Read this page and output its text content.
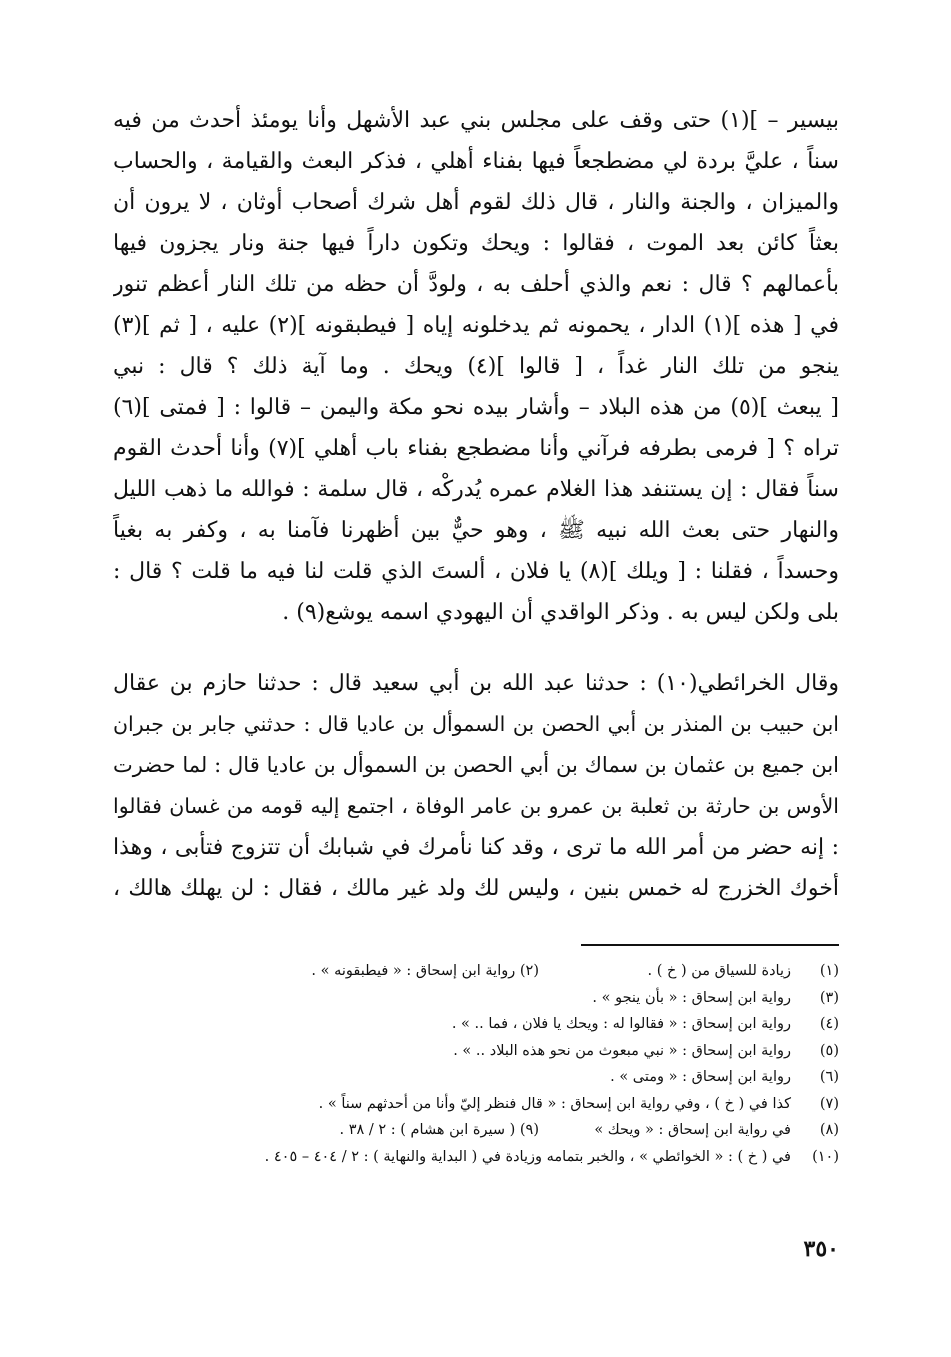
بيسير – ](١) حتى وقف على مجلس بني عبد الأشهل وأنا يومئذ أحدث من فيه
سناً ، عليَّ بردة لي مضطجعاً فيها بفناء أهلي ، فذكر البعث والقيامة ، والحساب
والميزان ، والجنة والنار ، قال ذلك لقوم أهل شرك أصحاب أوثان ، لا يرون أن
بعثاً كائن بعد الموت ، فقالوا : ويحك وتكون داراً فيها جنة ونار يجزون فيها
بأعمالهم ؟ قال : نعم والذي أحلف به ، ولودَّ أن حظه من تلك النار أعظم تنور
في [ هذه ](١) الدار ، يحمونه ثم يدخلونه إياه [ فيطبقونه ](٢) عليه ، [ ثم ](٣)
ينجو من تلك النار غداً ، [ قالوا ](٤) ويحك . وما آية ذلك ؟ قال : نبي
[ يبعث ](٥) من هذه البلاد – وأشار بيده نحو مكة واليمن – قالوا : [ فمتى ](٦)
تراه ؟ [ فرمى بطرفه فرآني وأنا مضطجع بفناء باب أهلي ](٧) وأنا أحدث القوم
سناً فقال : إن يستنفد هذا الغلام عمره يُدركْه ، قال سلمة : فوالله ما ذهب الليل
والنهار حتى بعث الله نبيه ﷺ ، وهو حيٌّ بين أظهرنا فآمنا به ، وكفر به بغياً
وحسداً ، فقلنا : [ ويلك ](٨) يا فلان ، ألستَ الذي قلت لنا فيه ما قلت ؟ قال :
بلى ولكن ليس به . وذكر الواقدي أن اليهودي اسمه يوشع(٩) .
وقال الخرائطي(١٠) : حدثنا عبد الله بن أبي سعيد قال : حدثنا حازم بن عقال
ابن حبيب بن المنذر بن أبي الحصن بن السموأل بن عاديا قال : حدثني جابر بن جبران
ابن جميع بن عثمان بن سماك بن أبي الحصن بن السموأل بن عاديا قال : لما حضرت
الأوس بن حارثة بن ثعلبة بن عمرو بن عامر الوفاة ، اجتمع إليه قومه من غسان فقالوا
: إنه حضر من أمر الله ما ترى ، وقد كنا نأمرك في شبابك أن تتزوج فتأبى ، وهذا
أخوك الخزرج له خمس بنين ، وليس لك ولد غير مالك ، فقال : لن يهلك هالك ،
(١)زيادة للسياق من ( خ ) .
(٢) رواية ابن إسحاق : « فيطبقونه » .
(٣)رواية ابن إسحاق : « بأن ينجو » .
(٤)رواية ابن إسحاق : « فقالوا له : ويحك يا فلان ، فما .. » .
(٥)رواية ابن إسحاق : « نبي مبعوث من نحو هذه البلاد .. » .
(٦)رواية ابن إسحاق : « ومتى » .
(٧)كذا في ( خ ) ، وفي رواية ابن إسحاق : « قال فنظر إليّ وأنا من أحدثهم سناً » .
(٨)في رواية ابن إسحاق : « ويحك »
(٩) ( سيرة ابن هشام ) : ٢ / ٣٨ .
(١٠)في ( خ ) : « الخوائطي » ، والخبر بتمامه وزيادة في ( البداية والنهاية ) : ٢ / ٤٠٤ – ٤٠٥ .
٣٥٠
